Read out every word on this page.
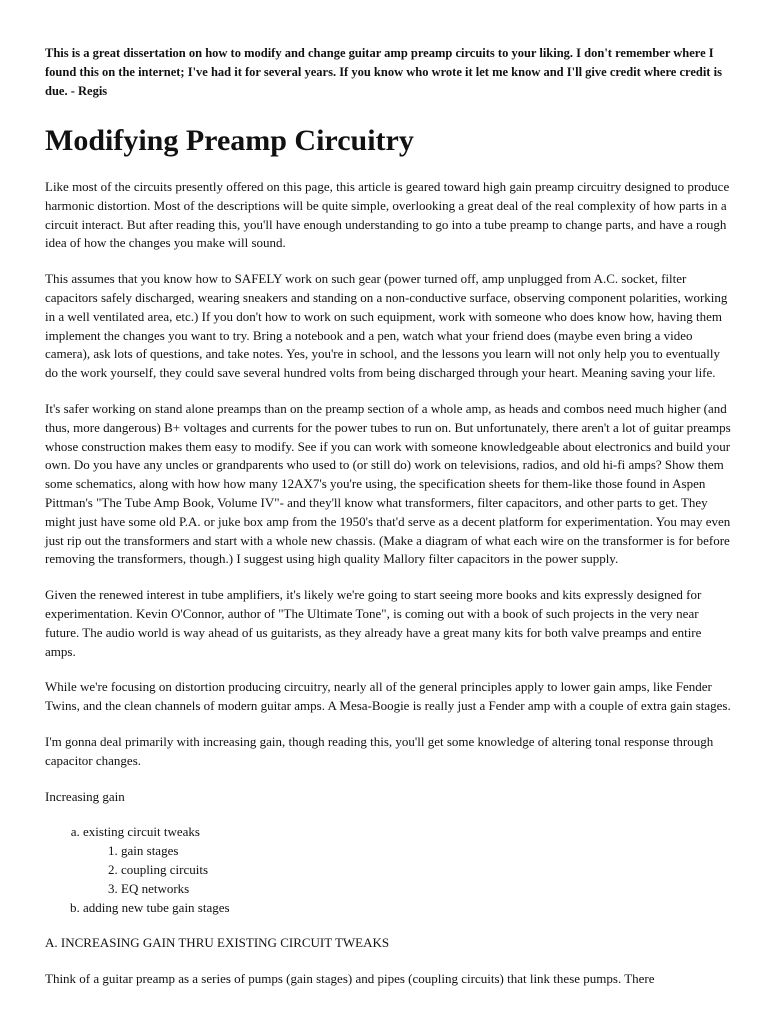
This is a great dissertation on how to modify and change guitar amp preamp circuits to your liking. I don't remember where I found this on the internet; I've had it for several years. If you know who wrote it let me know and I'll give credit where credit is due. - Regis

Modifying Preamp Circuitry

Like most of the circuits presently offered on this page, this article is geared toward high gain preamp circuitry designed to produce harmonic distortion. Most of the descriptions will be quite simple, overlooking a great deal of the real complexity of how parts in a circuit interact. But after reading this, you'll have enough understanding to go into a tube preamp to change parts, and have a rough idea of how the changes you make will sound.

This assumes that you know how to SAFELY work on such gear (power turned off, amp unplugged from A.C. socket, filter capacitors safely discharged, wearing sneakers and standing on a non-conductive surface, observing component polarities, working in a well ventilated area, etc.) If you don't how to work on such equipment, work with someone who does know how, having them implement the changes you want to try. Bring a notebook and a pen, watch what your friend does (maybe even bring a video camera), ask lots of questions, and take notes. Yes, you're in school, and the lessons you learn will not only help you to eventually do the work yourself, they could save several hundred volts from being discharged through your heart. Meaning saving your life.

It's safer working on stand alone preamps than on the preamp section of a whole amp, as heads and combos need much higher (and thus, more dangerous) B+ voltages and currents for the power tubes to run on. But unfortunately, there aren't a lot of guitar preamps whose construction makes them easy to modify. See if you can work with someone knowledgeable about electronics and build your own. Do you have any uncles or grandparents who used to (or still do) work on televisions, radios, and old hi-fi amps? Show them some schematics, along with how how many 12AX7's you're using, the specification sheets for them-like those found in Aspen Pittman's "The Tube Amp Book, Volume IV"- and they'll know what transformers, filter capacitors, and other parts to get. They might just have some old P.A. or juke box amp from the 1950's that'd serve as a decent platform for experimentation. You may even just rip out the transformers and start with a whole new chassis. (Make a diagram of what each wire on the transformer is for before removing the transformers, though.) I suggest using high quality Mallory filter capacitors in the power supply.

Given the renewed interest in tube amplifiers, it's likely we're going to start seeing more books and kits expressly designed for experimentation. Kevin O'Connor, author of "The Ultimate Tone", is coming out with a book of such projects in the very near future. The audio world is way ahead of us guitarists, as they already have a great many kits for both valve preamps and entire amps.

While we're focusing on distortion producing circuitry, nearly all of the general principles apply to lower gain amps, like Fender Twins, and the clean channels of modern guitar amps. A Mesa-Boogie is really just a Fender amp with a couple of extra gain stages.

I'm gonna deal primarily with increasing gain, though reading this, you'll get some knowledge of altering tonal response through capacitor changes.

Increasing gain

a. existing circuit tweaks
1. gain stages
2. coupling circuits
3. EQ networks
b. adding new tube gain stages

A. INCREASING GAIN THRU EXISTING CIRCUIT TWEAKS

Think of a guitar preamp as a series of pumps (gain stages) and pipes (coupling circuits) that link these pumps. There
